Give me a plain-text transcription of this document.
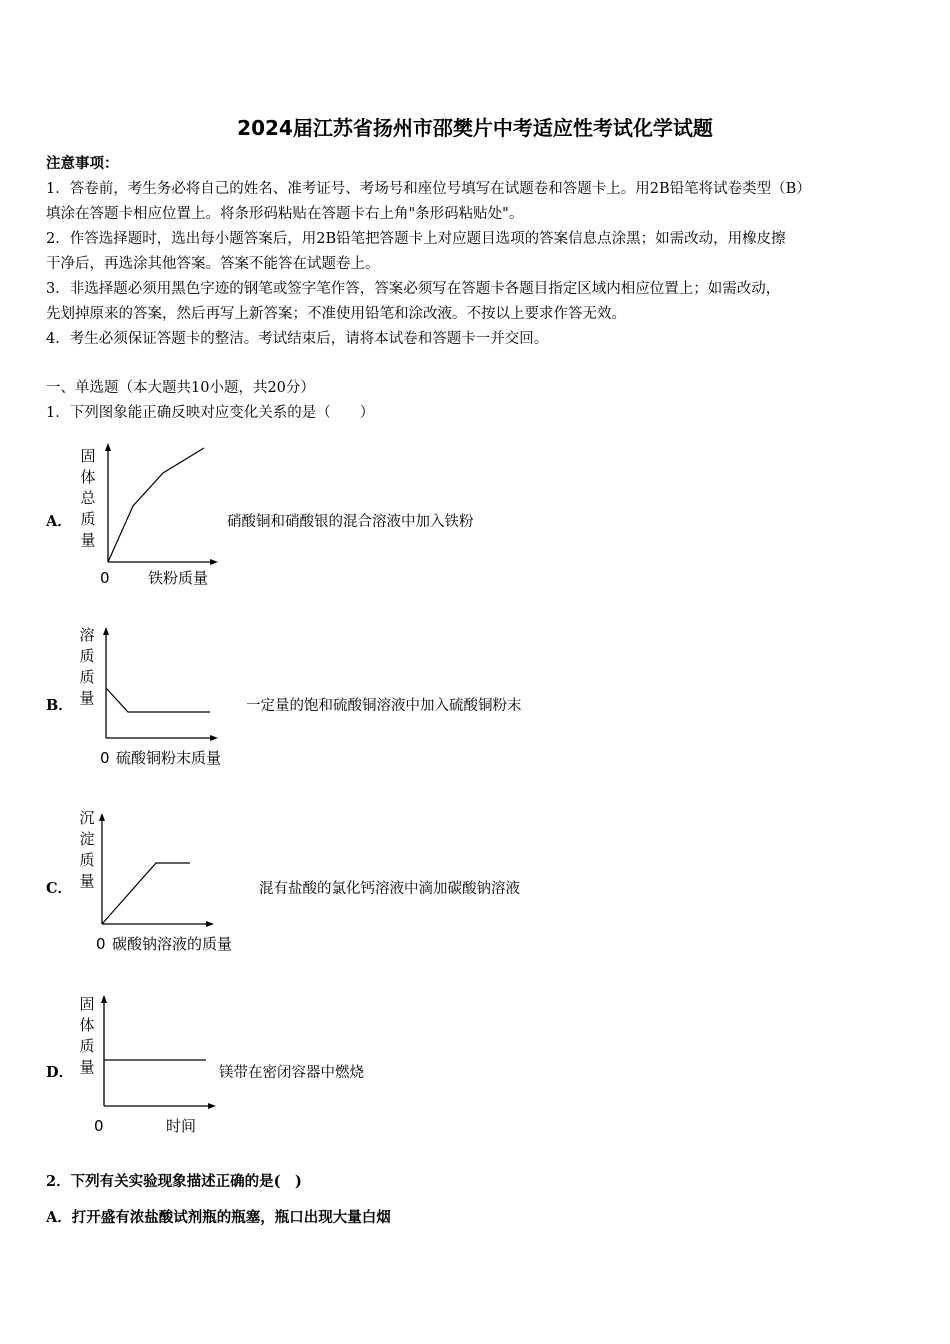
2024届江苏省扬州市邵樊片中考适应性考试化学试题
注意事项：
1．答卷前，考生务必将自己的姓名、准考证号、考场号和座位号填写在试题卷和答题卡上。用2B铅笔将试卷类型（B）
填涂在答题卡相应位置上。将条形码粘贴在答题卡右上角"条形码粘贴处"。
2．作答选择题时，选出每小题答案后，用2B铅笔把答题卡上对应题目选项的答案信息点涂黑；如需改动，用橡皮擦
干净后，再选涂其他答案。答案不能答在试题卷上。
3．非选择题必须用黑色字迹的钢笔或签字笔作答，答案必须写在答题卡各题目指定区域内相应位置上；如需改动，
先划掉原来的答案，然后再写上新答案；不准使用铅笔和涂改液。不按以上要求作答无效。
4．考生必须保证答题卡的整洁。考试结束后，请将本试卷和答题卡一并交回。
一、单选题（本大题共10小题，共20分）
1．下列图象能正确反映对应变化关系的是（　　）
A．
固
体
总
质
量
0	铁粉质量
硝酸铜和硝酸银的混合溶液中加入铁粉
B．
溶
质
质
量
0 硫酸铜粉末质量
一定量的饱和硫酸铜溶液中加入硫酸铜粉末
C．
沉
淀
质
量
0 碳酸钠溶液的质量
混有盐酸的氯化钙溶液中滴加碳酸钠溶液
D．
固
体
质
量
0	时间
镁带在密闭容器中燃烧
2．下列有关实验现象描述正确的是(　)
A．打开盛有浓盐酸试剂瓶的瓶塞，瓶口出现大量白烟
